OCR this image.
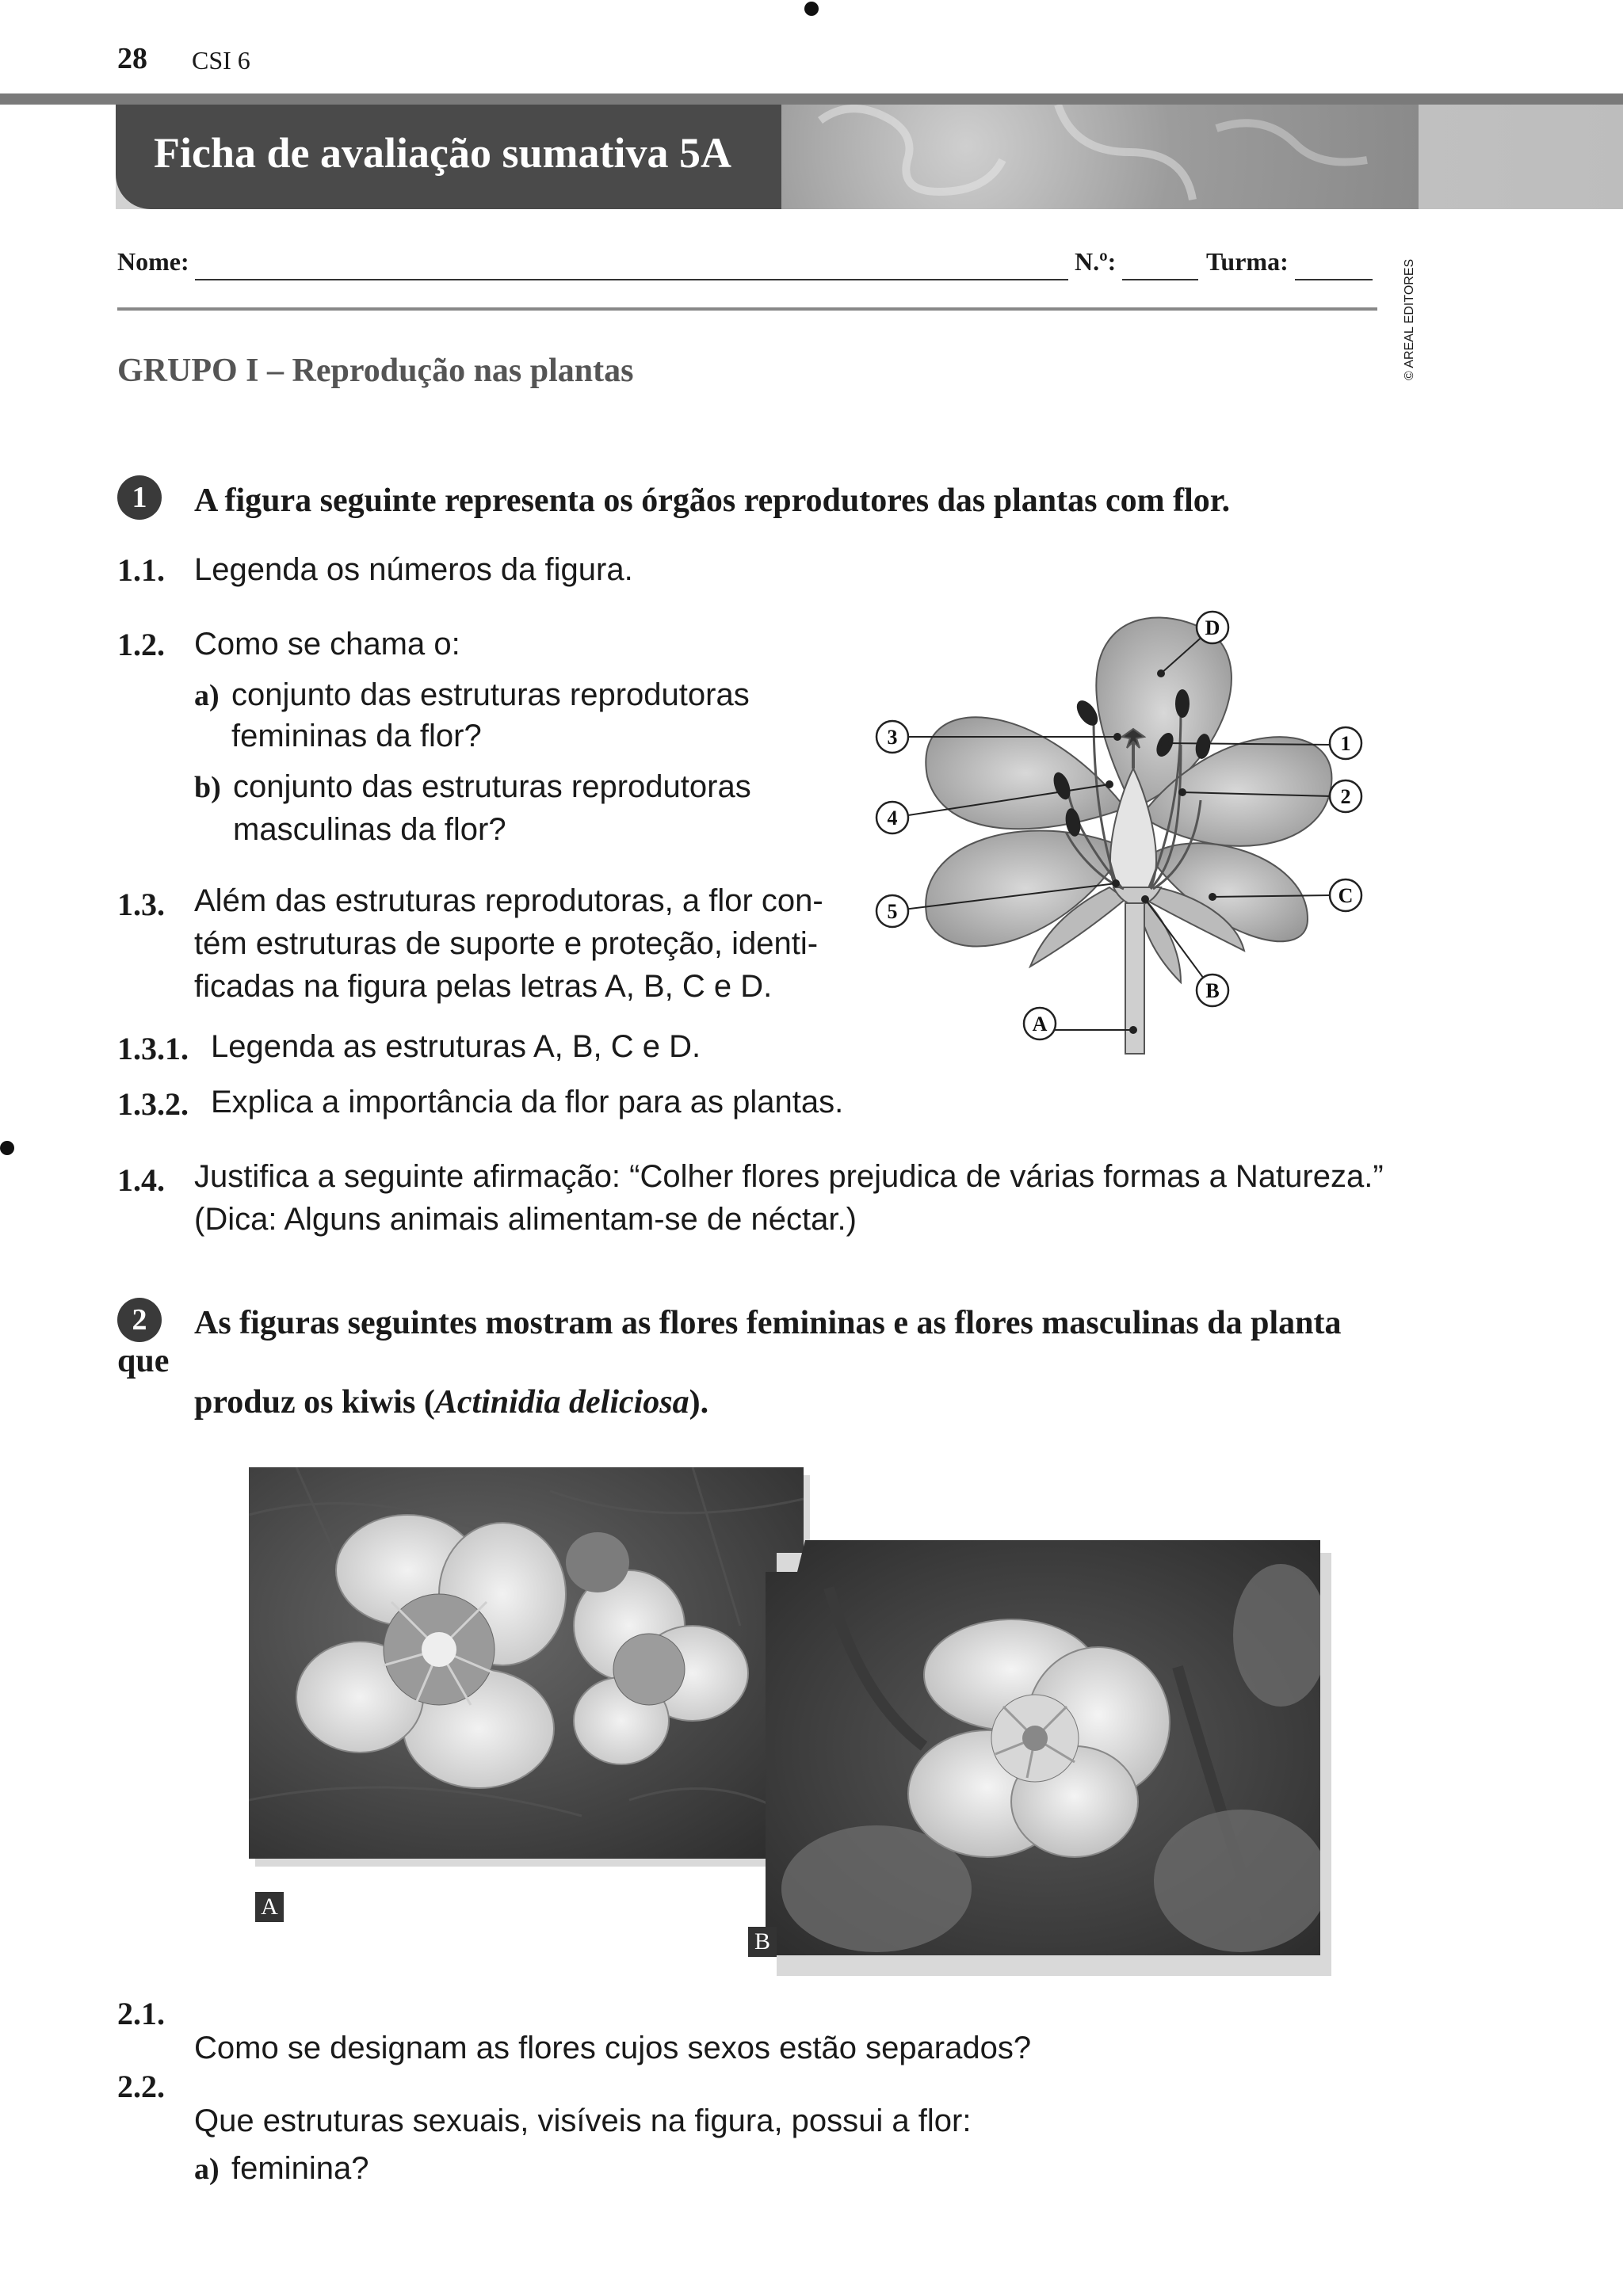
28 CSI 6
Ficha de avaliação sumativa 5A
Nome:	N.º:	Turma:	© AREAL EDITORES
GRUPO I – Reprodução nas plantas
1	A figura seguinte representa os órgãos reprodutores das plantas com flor.
1.1. Legenda os números da figura.
1.2. Como se chama o:
a) conjunto das estruturas reprodutoras
femininas da flor?
b) conjunto das estruturas reprodutoras
masculinas da flor?
1.3. Além das estruturas reprodutoras, a flor con-
tém estruturas de suporte e proteção, identi-
ficadas na figura pelas letras A, B, C e D.
1.3.1. Legenda as estruturas A, B, C e D.
1.3.2. Explica a importância da flor para as plantas.
1.4. Justifica a seguinte afirmação: “Colher flores prejudica de várias formas a Natureza.”
(Dica: Alguns animais alimentam-se de néctar.)
3
4
5
1
2
C
D
B
A
2	As figuras seguintes mostram as flores femininas e as flores masculinas da planta
que
produz os kiwis (Actinidia deliciosa).
A
B
2.1.
Como se designam as flores cujos sexos estão separados?
2.2.
Que estruturas sexuais, visíveis na figura, possui a flor:
a) feminina?
